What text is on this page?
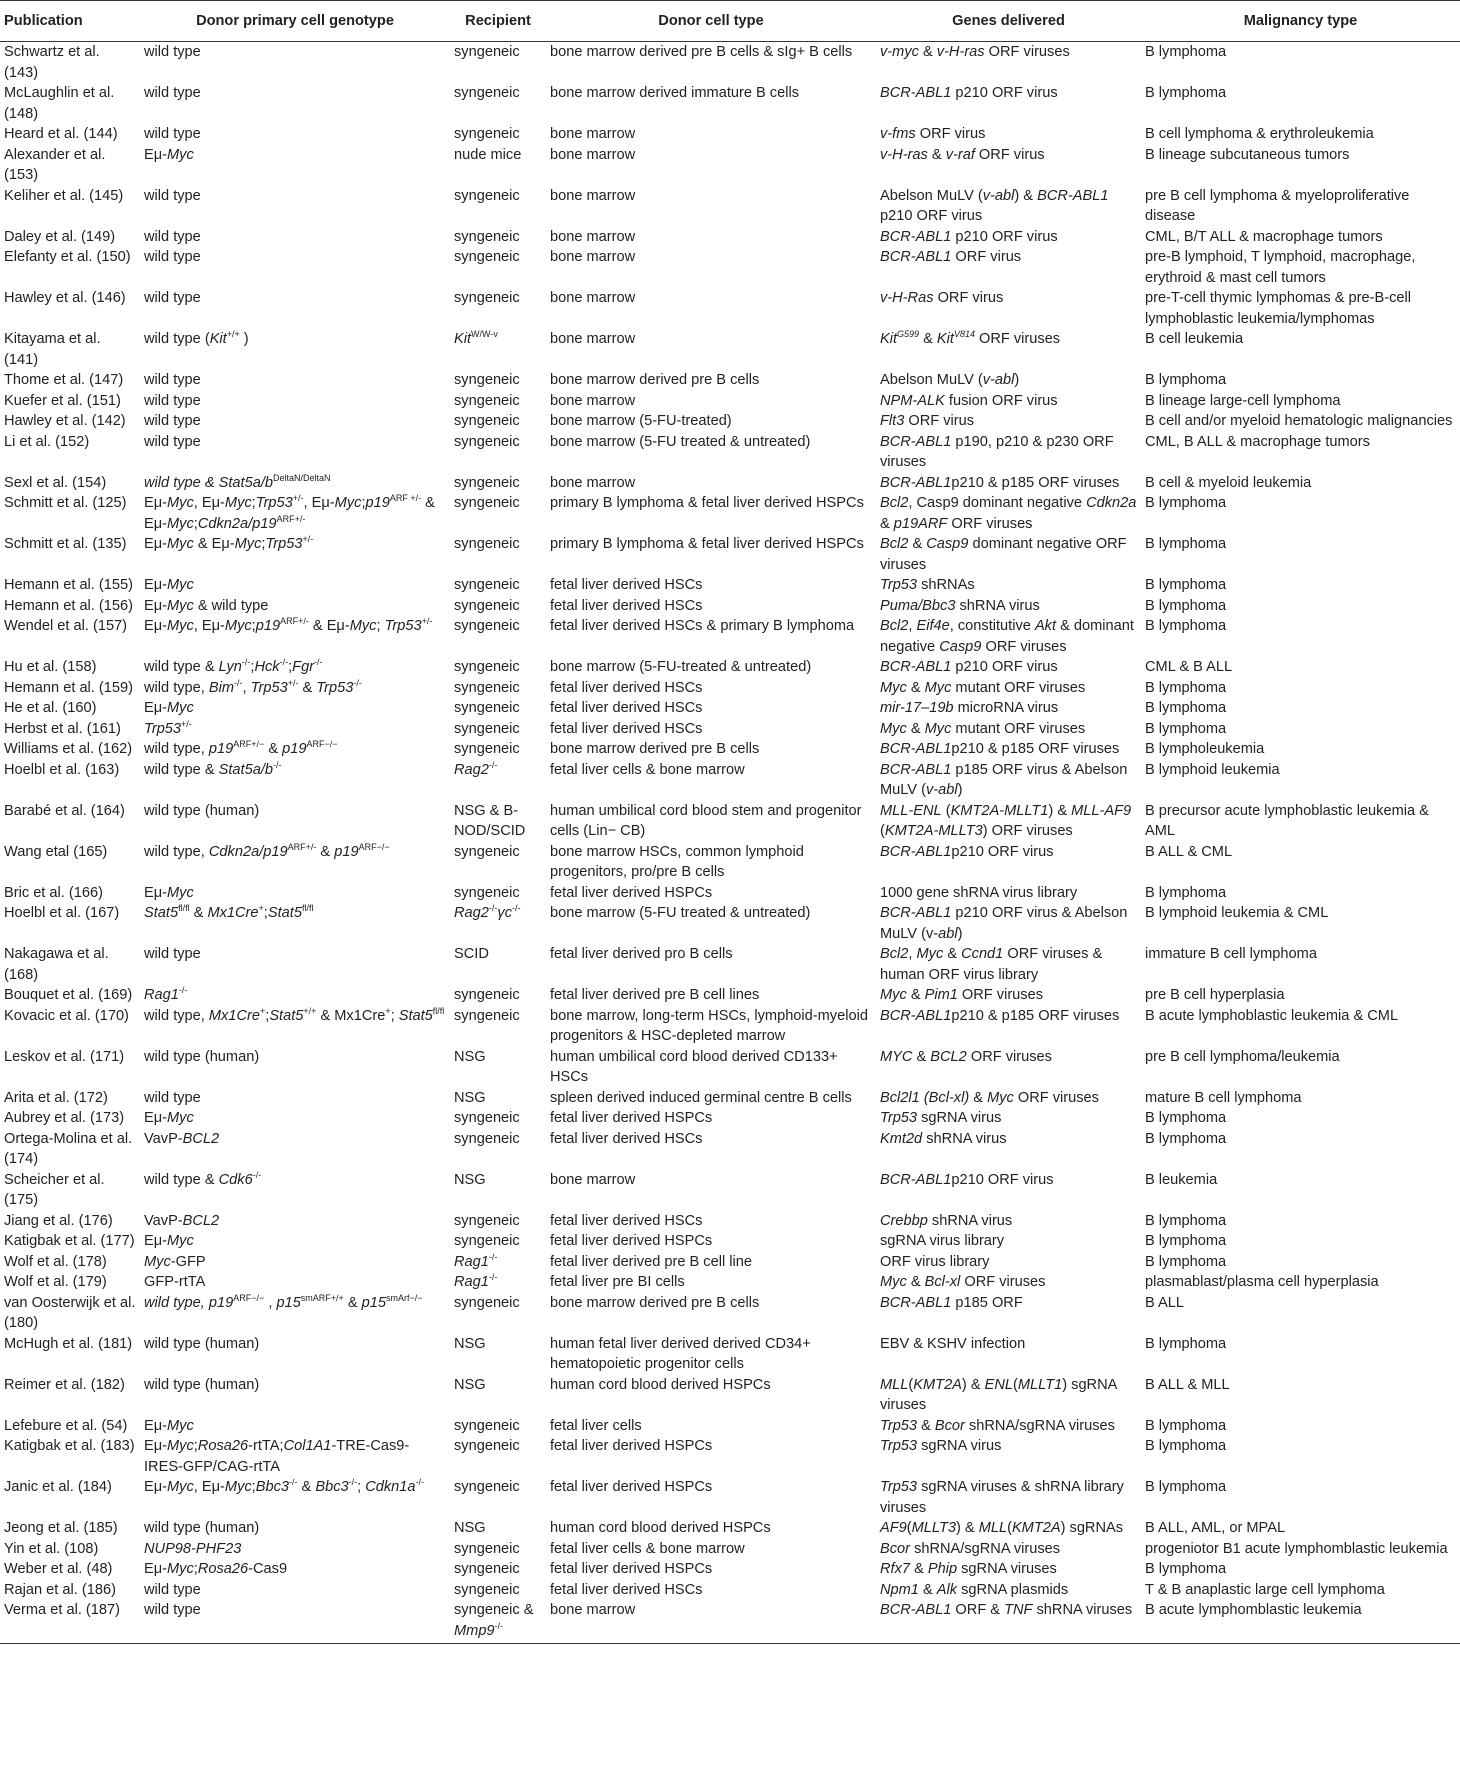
Publication	Donor primary cell genotype	Recipient	Donor cell type	Genes delivered	Malignancy type
Schwartz et al. (143)	wild type	syngeneic	bone marrow derived pre B cells & sIg+ B cells	v-myc & v-H-ras ORF viruses	B lymphoma
McLaughlin et al. (148)	wild type	syngeneic	bone marrow derived immature B cells	BCR-ABL1 p210 ORF virus	B lymphoma
Heard et al. (144)	wild type	syngeneic	bone marrow	v-fms ORF virus	B cell lymphoma & erythroleukemia
Alexander et al. (153)	Eμ-Myc	nude mice	bone marrow	v-H-ras & v-raf ORF virus	B lineage subcutaneous tumors
Keliher et al. (145)	wild type	syngeneic	bone marrow	Abelson MuLV (v-abl) & BCR-ABL1 p210 ORF virus	pre B cell lymphoma & myeloproliferative disease
Daley et al. (149)	wild type	syngeneic	bone marrow	BCR-ABL1 p210 ORF virus	CML, B/T ALL & macrophage tumors
Elefanty et al. (150)	wild type	syngeneic	bone marrow	BCR-ABL1 ORF virus	pre-B lymphoid, T lymphoid, macrophage, erythroid & mast cell tumors
Hawley et al. (146)	wild type	syngeneic	bone marrow	v-H-Ras ORF virus	pre-T-cell thymic lymphomas & pre-B-cell lymphoblastic leukemia/lymphomas
Kitayama et al. (141)	wild type (Kit+/+ )	Kit$^{W/W-v}$	bone marrow	Kit$^{G599}$ & Kit$^{V814}$ ORF viruses	B cell leukemia
Thome et al. (147)	wild type	syngeneic	bone marrow derived pre B cells	Abelson MuLV (v-abl)	B lymphoma
Kuefer et al. (151)	wild type	syngeneic	bone marrow	NPM-ALK fusion ORF virus	B lineage large-cell lymphoma
Hawley et al. (142)	wild type	syngeneic	bone marrow (5-FU-treated)	Flt3 ORF virus	B cell and/or myeloid hematologic malignancies
Li et al. (152)	wild type	syngeneic	bone marrow (5-FU treated & untreated)	BCR-ABL1 p190, p210 & p230 ORF viruses	CML, B ALL & macrophage tumors
Sexl et al. (154)	wild type & $Stat5a/b^{DeltaN/DeltaN}$	syngeneic	bone marrow	BCR-ABL1p210 & p185 ORF viruses	B cell & myeloid leukemia
Schmitt et al. (125)	Eμ-Myc, Eμ-Myc;Trp53+/-, $E\mu-Myc;p19^{ARF +/-}$ & $E\mu-Myc;Cdkn2a/p19^{ARF+/-}$	syngeneic	primary B lymphoma & fetal liver derived HSPCs	Bcl2, Casp9 dominant negative Cdkn2a & p19ARF ORF viruses	B lymphoma
Schmitt et al. (135)	Eμ-Myc & Eμ-Myc;Trp53+/-	syngeneic	primary B lymphoma & fetal liver derived HSPCs	Bcl2 & Casp9 dominant negative ORF viruses	B lymphoma
Hemann et al. (155)	Eμ-Myc	syngeneic	fetal liver derived HSCs	Trp53 shRNAs	B lymphoma
Hemann et al. (156)	Eμ-Myc & wild type	syngeneic	fetal liver derived HSCs	Puma/Bbc3 shRNA virus	B lymphoma
Wendel et al. (157)	Eμ-Myc, $E\mu-Myc;p19^{ARF+/-}$ & Eμ-Myc; Trp53+/-	syngeneic	fetal liver derived HSCs & primary B lymphoma	Bcl2, Eif4e, constitutive Akt & dominant negative Casp9 ORF viruses	B lymphoma
Hu et al. (158)	wild type & Lyn-/-;Hck-/-;Fgr-/-	syngeneic	bone marrow (5-FU-treated & untreated)	BCR-ABL1 p210 ORF virus	CML & B ALL
Hemann et al. (159)	wild type, Bim-/-, Trp53+/- & Trp53-/-	syngeneic	fetal liver derived HSCs	Myc & Myc mutant ORF viruses	B lymphoma
He et al. (160)	Eμ-Myc	syngeneic	fetal liver derived HSCs	mir-17–19b microRNA virus	B lymphoma
Herbst et al. (161)	Trp53+/-	syngeneic	fetal liver derived HSCs	Myc & Myc mutant ORF viruses	B lymphoma
Williams et al. (162)	wild type, $p19^{ARF+/-}$ & $p19^{ARF-/-}$	syngeneic	bone marrow derived pre B cells	BCR-ABL1p210 & p185 ORF viruses	B lympholeukemia
Hoelbl et al. (163)	wild type & Stat5a/b-/-	Rag2-/-	fetal liver cells & bone marrow	BCR-ABL1 p185 ORF virus & Abelson MuLV (v-abl)	B lymphoid leukemia
Barabé et al. (164)	wild type (human)	NSG & B-NOD/SCID	human umbilical cord blood stem and progenitor cells (Lin− CB)	MLL-ENL (KMT2A-MLLT1) & MLL-AF9 (KMT2A-MLLT3) ORF viruses	B precursor acute lymphoblastic leukemia & AML
Wang etal (165)	wild type, $Cdkn2a/p19^{ARF+/-}$ & $p19^{ARF-/-}$	syngeneic	bone marrow HSCs, common lymphoid progenitors, pro/pre B cells	BCR-ABL1p210 ORF virus	B ALL & CML
Bric et al. (166)	Eμ-Myc	syngeneic	fetal liver derived HSPCs	1000 gene shRNA virus library	B lymphoma
Hoelbl et al. (167)	$Stat5^{fl/fl}$ & $Mx1Cre^+;Stat5^{fl/fl}$	Rag2-/-γc-/-	bone marrow (5-FU treated & untreated)	BCR-ABL1 p210 ORF virus & Abelson MuLV (v-abl)	B lymphoid leukemia & CML
Nakagawa et al. (168)	wild type	SCID	fetal liver derived pro B cells	Bcl2, Myc & Ccnd1 ORF viruses & human ORF virus library	immature B cell lymphoma
Bouquet et al. (169)	Rag1-/-	syngeneic	fetal liver derived pre B cell lines	Myc & Pim1 ORF viruses	pre B cell hyperplasia
Kovacic et al. (170)	wild type, Mx1Cre+;Stat5+/+ & Mx1Cre+; $Stat5^{fl/fl}$	syngeneic	bone marrow, long-term HSCs, lymphoid-myeloid progenitors & HSC-depleted marrow	BCR-ABL1p210 & p185 ORF viruses	B acute lymphoblastic leukemia & CML
Leskov et al. (171)	wild type (human)	NSG	human umbilical cord blood derived CD133+ HSCs	MYC & BCL2 ORF viruses	pre B cell lymphoma/leukemia
Arita et al. (172)	wild type	NSG	spleen derived induced germinal centre B cells	Bcl2l1 (Bcl-xl) & Myc ORF viruses	mature B cell lymphoma
Aubrey et al. (173)	Eμ-Myc	syngeneic	fetal liver derived HSPCs	Trp53 sgRNA virus	B lymphoma
Ortega-Molina et al. (174)	VavP-BCL2	syngeneic	fetal liver derived HSCs	Kmt2d shRNA virus	B lymphoma
Scheicher et al. (175)	wild type & Cdk6-/-	NSG	bone marrow	BCR-ABL1p210 ORF virus	B leukemia
Jiang et al. (176)	VavP-BCL2	syngeneic	fetal liver derived HSCs	Crebbp shRNA virus	B lymphoma
Katigbak et al. (177)	Eμ-Myc	syngeneic	fetal liver derived HSPCs	sgRNA virus library	B lymphoma
Wolf et al. (178)	Myc-GFP	Rag1-/-	fetal liver derived pre B cell line	ORF virus library	B lymphoma
Wolf et al. (179)	GFP-rtTA	Rag1-/-	fetal liver pre BI cells	Myc & Bcl-xl ORF viruses	plasmablast/plasma cell hyperplasia
van Oosterwijk et al. (180)	wild type, $p19^{ARF-/-}$ , $p15^{smARF+/+}$ & $p15^{smArf-/-}$	syngeneic	bone marrow derived pre B cells	BCR-ABL1 p185 ORF	B ALL
McHugh et al. (181)	wild type (human)	NSG	human fetal liver derived derived CD34+ hematopoietic progenitor cells	EBV & KSHV infection	B lymphoma
Reimer et al. (182)	wild type (human)	NSG	human cord blood derived HSPCs	MLL(KMT2A) & ENL(MLLT1) sgRNA viruses	B ALL & MLL
Lefebure et al. (54)	Eμ-Myc	syngeneic	fetal liver cells	Trp53 & Bcor shRNA/sgRNA viruses	B lymphoma
Katigbak et al. (183)	Eμ-Myc;Rosa26-rtTA;Col1A1-TRE-Cas9-IRES-GFP/CAG-rtTA	syngeneic	fetal liver derived HSPCs	Trp53 sgRNA virus	B lymphoma
Janic et al. (184)	Eμ-Myc, Eμ-Myc;Bbc3-/- & Bbc3-/-; Cdkn1a-/-	syngeneic	fetal liver derived HSPCs	Trp53 sgRNA viruses & shRNA library viruses	B lymphoma
Jeong et al. (185)	wild type (human)	NSG	human cord blood derived HSPCs	AF9(MLLT3) & MLL(KMT2A) sgRNAs	B ALL, AML, or MPAL
Yin et al. (108)	NUP98-PHF23	syngeneic	fetal liver cells & bone marrow	Bcor shRNA/sgRNA viruses	progeniotor B1 acute lymphomblastic leukemia
Weber et al. (48)	Eμ-Myc;Rosa26-Cas9	syngeneic	fetal liver derived HSPCs	Rfx7 & Phip sgRNA viruses	B lymphoma
Rajan et al. (186)	wild type	syngeneic	fetal liver derived HSCs	Npm1 & Alk sgRNA plasmids	T & B anaplastic large cell lymphoma
Verma et al. (187)	wild type	syngeneic & Mmp9-/-	bone marrow	BCR-ABL1 ORF & TNF shRNA viruses	B acute lymphomblastic leukemia
